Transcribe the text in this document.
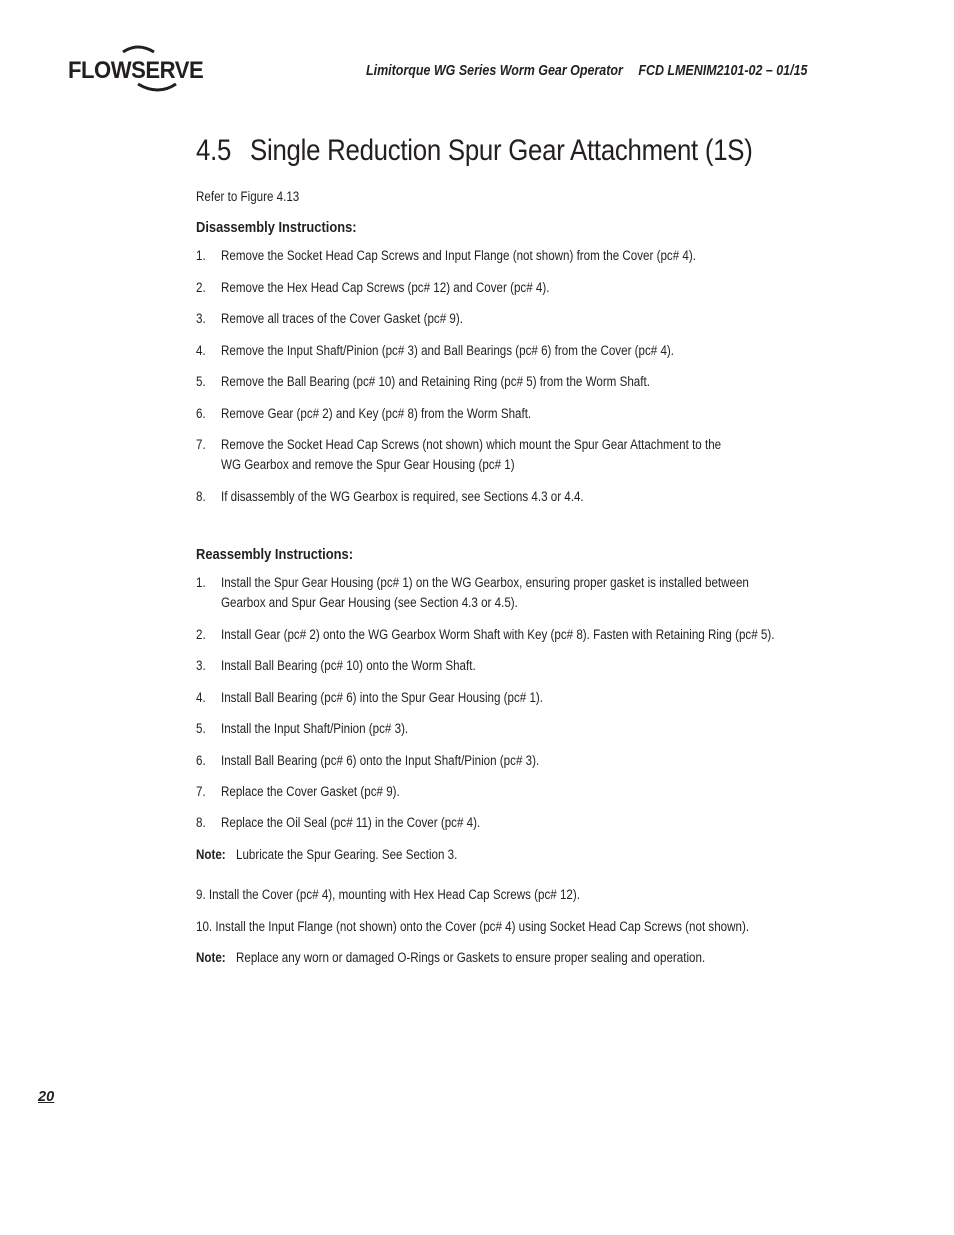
FLOWSERVE	Limitorque WG Series Worm Gear Operator FCD LMENIM2101-02 – 01/15
4.5 Single Reduction Spur Gear Attachment (1S)
Refer to Figure 4.13
Disassembly Instructions:
1. Remove the Socket Head Cap Screws and Input Flange (not shown) from the Cover (pc# 4).
2. Remove the Hex Head Cap Screws (pc# 12) and Cover (pc# 4).
3. Remove all traces of the Cover Gasket (pc# 9).
4. Remove the Input Shaft/Pinion (pc# 3) and Ball Bearings (pc# 6) from the Cover (pc# 4).
5. Remove the Ball Bearing (pc# 10) and Retaining Ring (pc# 5) from the Worm Shaft.
6. Remove Gear (pc# 2) and Key (pc# 8) from the Worm Shaft.
7. Remove the Socket Head Cap Screws (not shown) which mount the Spur Gear Attachment to the
WG Gearbox and remove the Spur Gear Housing (pc# 1)
8. If disassembly of the WG Gearbox is required, see Sections 4.3 or 4.4.
Reassembly Instructions:
1. Install the Spur Gear Housing (pc# 1) on the WG Gearbox, ensuring proper gasket is installed between
Gearbox and Spur Gear Housing (see Section 4.3 or 4.5).
2. Install Gear (pc# 2) onto the WG Gearbox Worm Shaft with Key (pc# 8). Fasten with Retaining Ring (pc# 5).
3. Install Ball Bearing (pc# 10) onto the Worm Shaft.
4. Install Ball Bearing (pc# 6) into the Spur Gear Housing (pc# 1).
5. Install the Input Shaft/Pinion (pc# 3).
6. Install Ball Bearing (pc# 6) onto the Input Shaft/Pinion (pc# 3).
7. Replace the Cover Gasket (pc# 9).
8. Replace the Oil Seal (pc# 11) in the Cover (pc# 4).
Note: Lubricate the Spur Gearing. See Section 3.
9. Install the Cover (pc# 4), mounting with Hex Head Cap Screws (pc# 12).
10. Install the Input Flange (not shown) onto the Cover (pc# 4) using Socket Head Cap Screws (not shown).
Note: Replace any worn or damaged O-Rings or Gaskets to ensure proper sealing and operation.
20
